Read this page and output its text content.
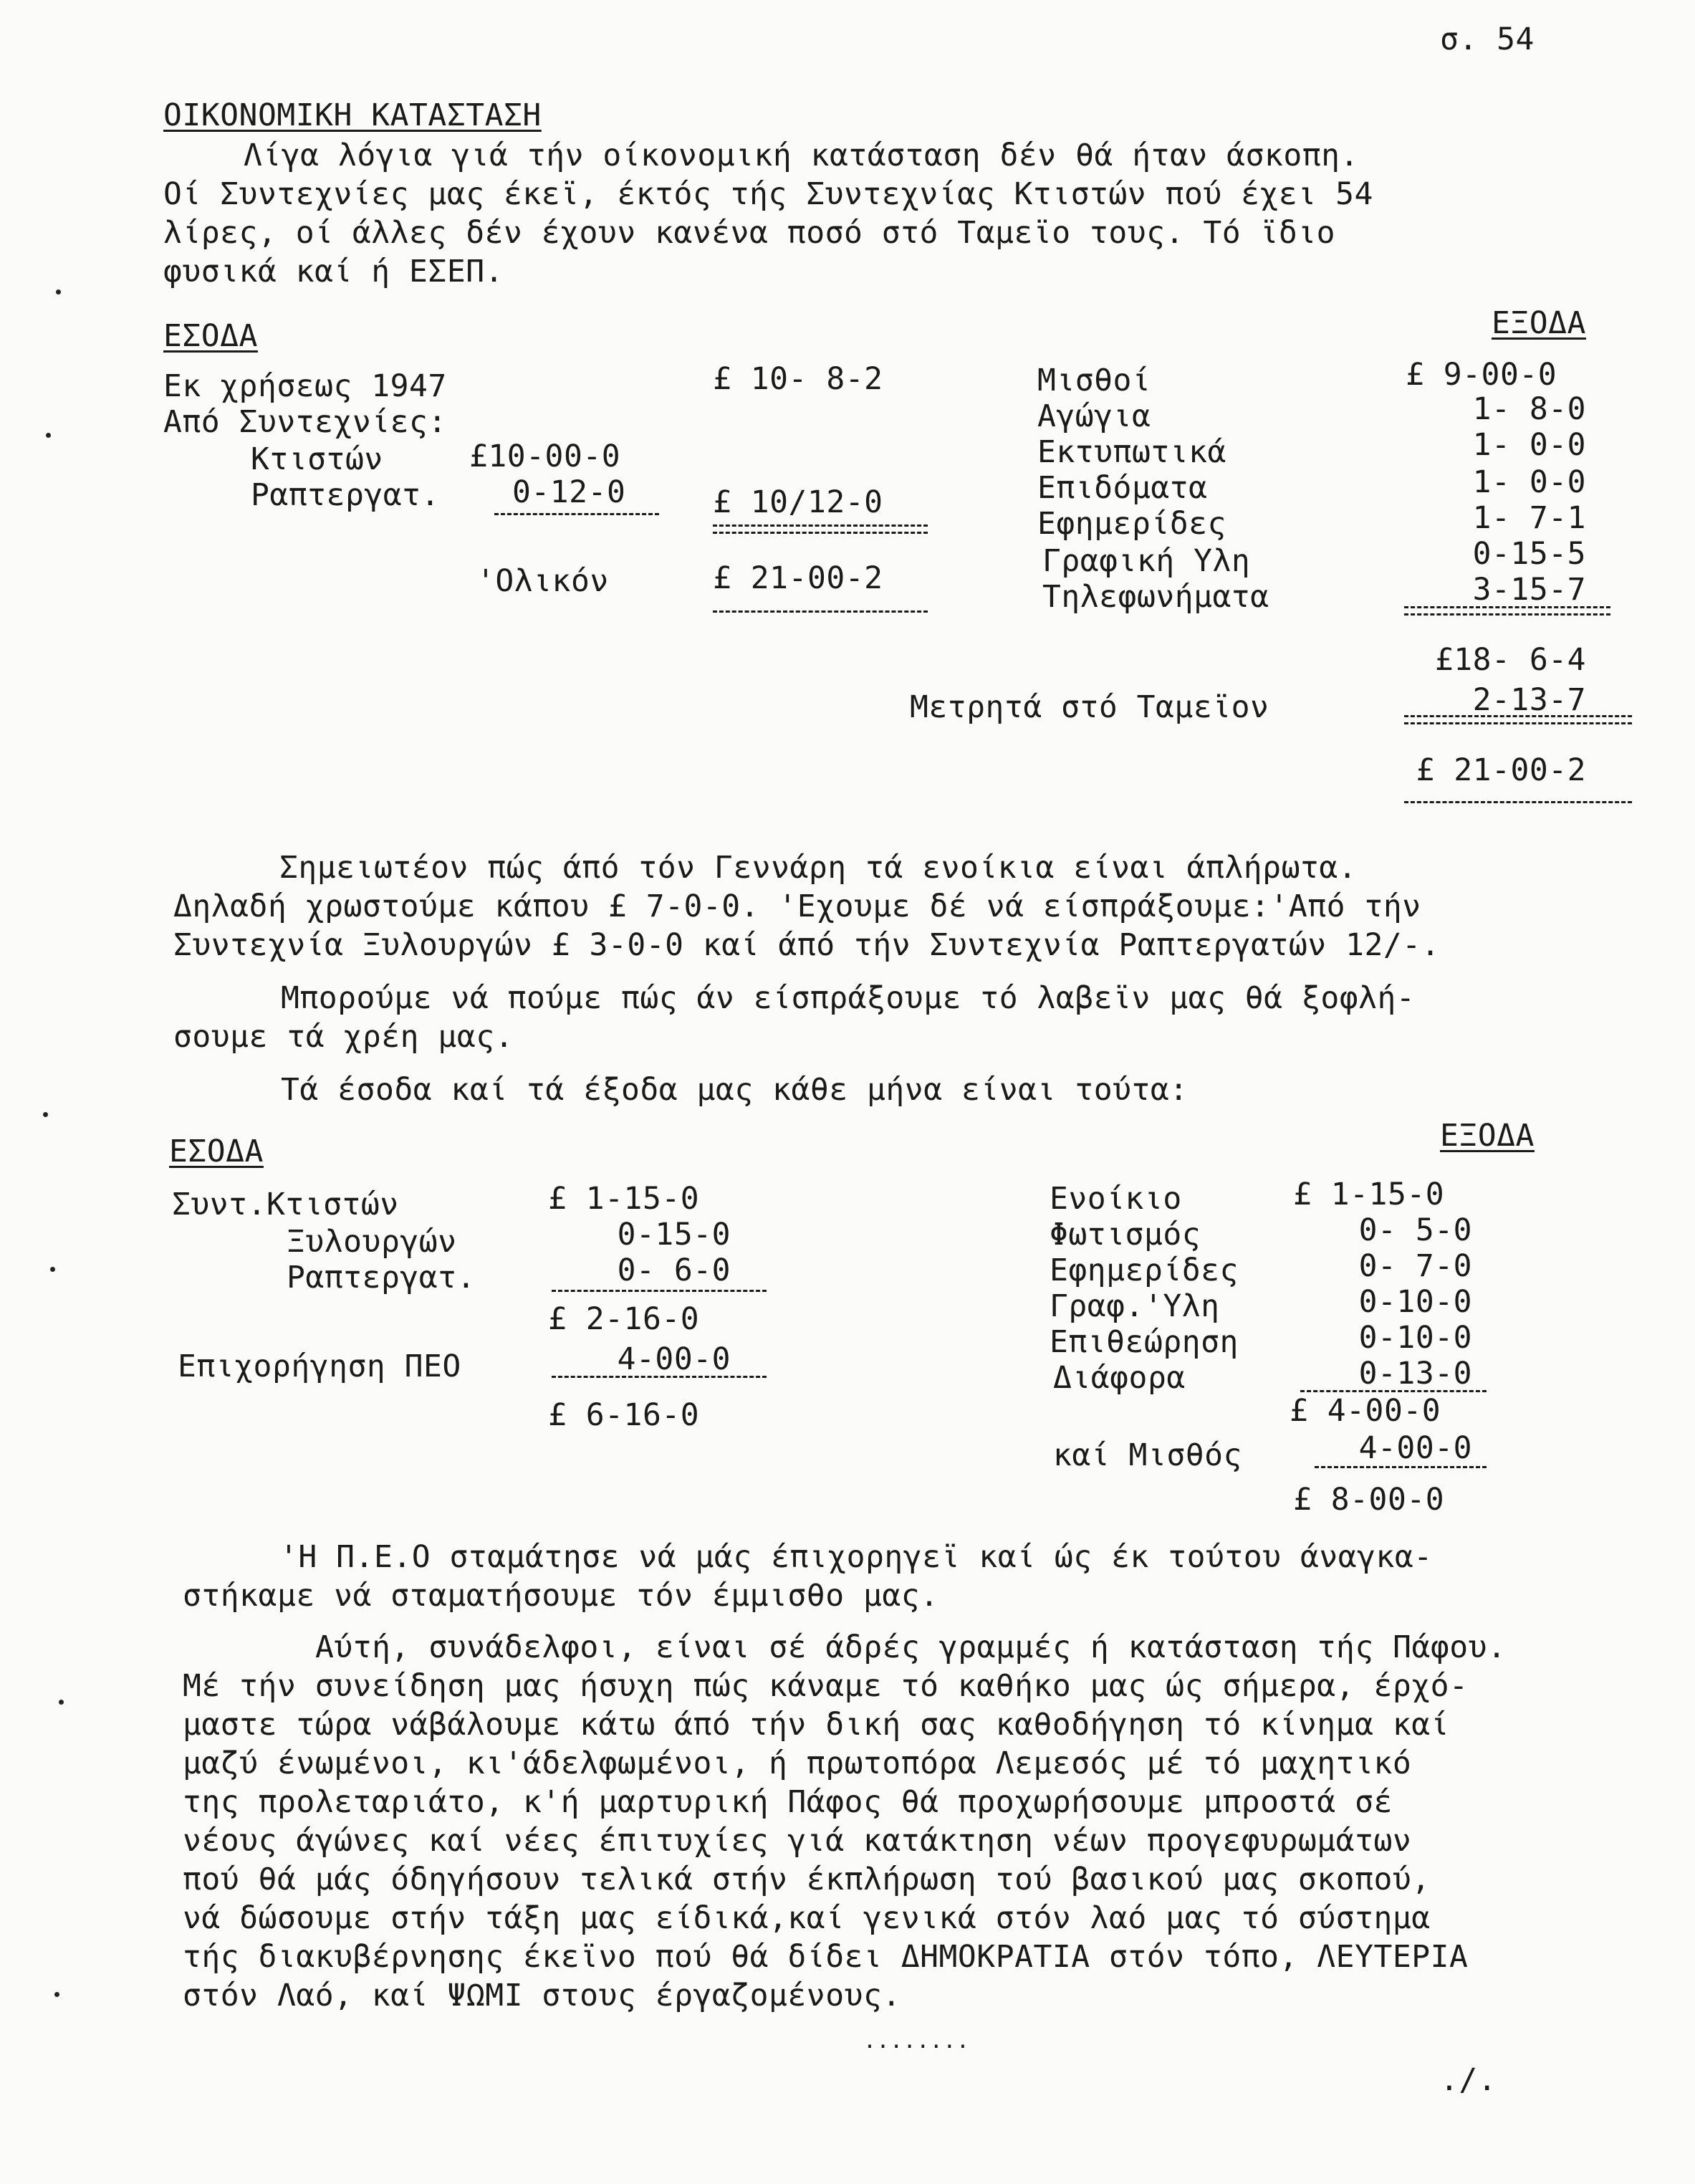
σ. 54
ΟΙΚΟΝΟΜΙΚΗ ΚΑΤΑΣΤΑΣΗ
Λίγα λόγια γιά τήν οίκονομική κατάσταση δέν θά ήταν άσκοπη.
Οί Συντεχνίες μας έκεϊ, έκτός τής Συντεχνίας Κτιστών πού έχει 54
λίρες, οί άλλες δέν έχουν κανένα ποσό στό Ταμεϊο τους. Τό ϊδιο
φυσικά καί ή ΕΣΕΠ.
ΕΣΟΔΑ	ΕΞΟΔΑ
Εκ χρήσεως 1947	£ 10- 8-2
Από Συντεχνίες:
Κτιστών	£10-00-0
Ραπτεργατ. 0-12-0	£ 10/12-0
'Ολικόν	£ 21-00-2
Μισθοί	£ 9-00-0
Αγώγια	1- 8-0
Εκτυπωτικά	1- 0-0
Επιδόματα	1- 0-0
Εφημερίδες	1- 7-1
Γραφική Υλη	0-15-5
Τηλεφωνήματα	3-15-7
£18- 6-4
Μετρητά στό Ταμεϊον	2-13-7
£ 21-00-2
Σημειωτέον πώς άπό τόν Γεννάρη τά ενοίκια είναι άπλήρωτα.
Δηλαδή χρωστούμε κάπου £ 7-0-0. 'Εχουμε δέ νά είσπράξουμε:'Από τήν
Συντεχνία Ξυλουργών £ 3-0-0 καί άπό τήν Συντεχνία Ραπτεργατών 12/-.
Μπορούμε νά πούμε πώς άν είσπράξουμε τό λαβεϊν μας θά ξοφλή-
σουμε τά χρέη μας.
Τά έσοδα καί τά έξοδα μας κάθε μήνα είναι τούτα:
ΕΣΟΔΑ	ΕΞΟΔΑ
Συντ.Κτιστών	£ 1-15-0
Ξυλουργών	0-15-0
Ραπτεργατ.	0- 6-0
£ 2-16-0
Επιχορήγηση ΠΕΟ	4-00-0
£ 6-16-0
Ενοίκιο	£ 1-15-0
Φωτισμός	0- 5-0
Εφημερίδες	0- 7-0
Γραφ.'Υλη	0-10-0
Επιθεώρηση	0-10-0
Διάφορα	0-13-0
£ 4-00-0
καί Μισθός	4-00-0
£ 8-00-0
'Η Π.Ε.Ο σταμάτησε νά μάς έπιχορηγεϊ καί ώς έκ τούτου άναγκα-
στήκαμε νά σταματήσουμε τόν έμμισθο μας.
Αύτή, συνάδελφοι, είναι σέ άδρές γραμμές ή κατάσταση τής Πάφου.
Μέ τήν συνείδηση μας ήσυχη πώς κάναμε τό καθήκο μας ώς σήμερα, έρχό-
μαστε τώρα νάβάλουμε κάτω άπό τήν δική σας καθοδήγηση τό κίνημα καί
μαζύ ένωμένοι, κι'άδελφωμένοι, ή πρωτοπόρα Λεμεσός μέ τό μαχητικό
της προλεταριάτο, κ'ή μαρτυρική Πάφος θά προχωρήσουμε μπροστά σέ
νέους άγώνες καί νέες έπιτυχίες γιά κατάκτηση νέων προγεφυρωμάτων
πού θά μάς όδηγήσουν τελικά στήν έκπλήρωση τού βασικού μας σκοπού,
νά δώσουμε στήν τάξη μας είδικά,καί γενικά στόν λαό μας τό σύστημα
τής διακυβέρνησης έκεϊνο πού θά δίδει ΔΗΜΟΚΡΑΤΙΑ στόν τόπο, ΛΕΥΤΕΡΙΑ
στόν Λαό, καί ΨΩΜΙ στους έργαζομένους.
........
./.
